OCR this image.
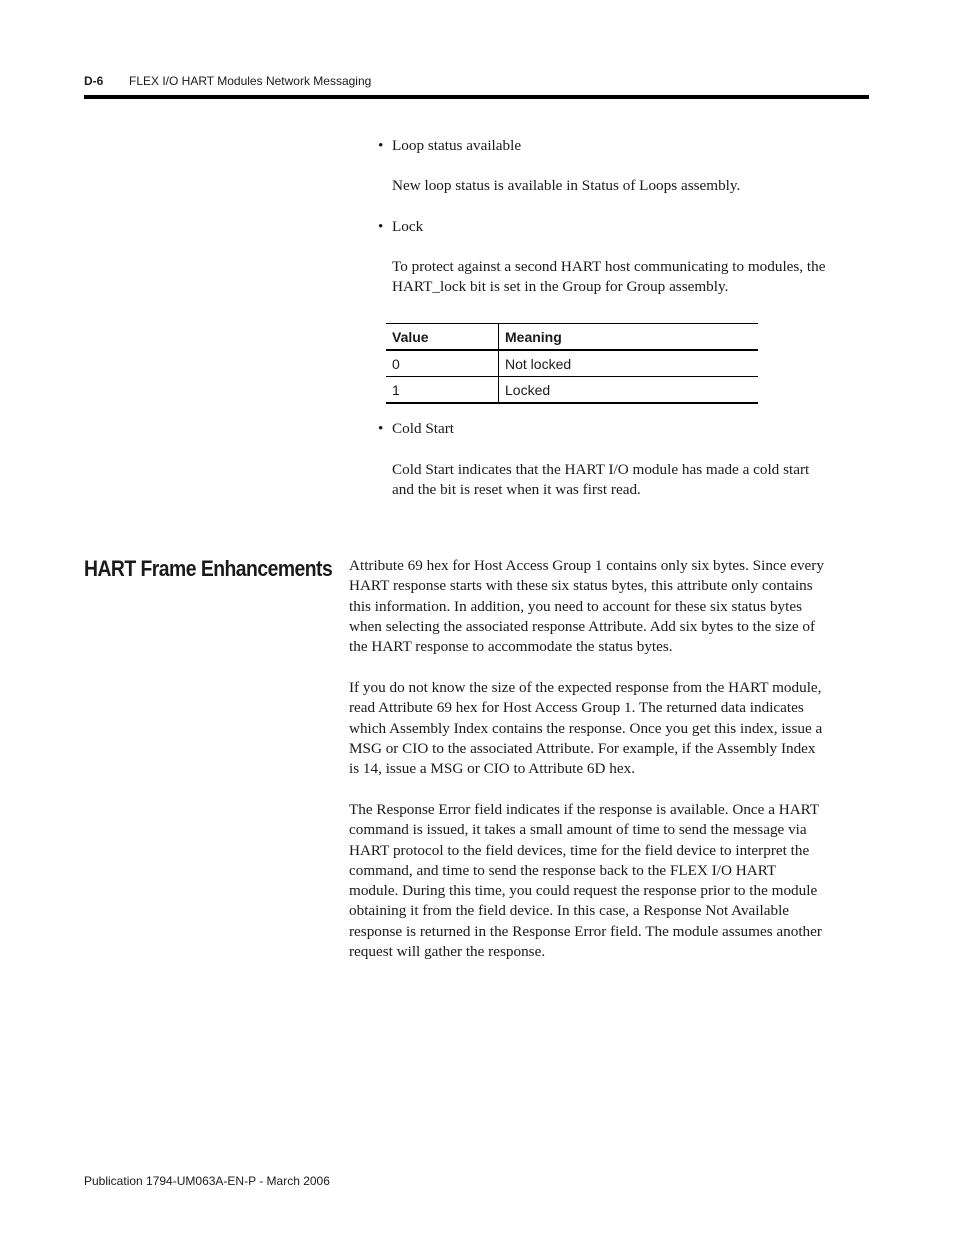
D-6 FLEX I/O HART Modules Network Messaging
• Loop status available
New loop status is available in Status of Loops assembly.
• Lock
To protect against a second HART host communicating to modules, the
HART_lock bit is set in the Group for Group assembly.
Value	Meaning
0	Not locked
1	Locked
• Cold Start
Cold Start indicates that the HART I/O module has made a cold start
and the bit is reset when it was first read.
HART Frame Enhancements Attribute 69 hex for Host Access Group 1 contains only six bytes. Since every
HART response starts with these six status bytes, this attribute only contains
this information. In addition, you need to account for these six status bytes
when selecting the associated response Attribute. Add six bytes to the size of
the HART response to accommodate the status bytes.
If you do not know the size of the expected response from the HART module,
read Attribute 69 hex for Host Access Group 1. The returned data indicates
which Assembly Index contains the response. Once you get this index, issue a
MSG or CIO to the associated Attribute. For example, if the Assembly Index
is 14, issue a MSG or CIO to Attribute 6D hex.
The Response Error field indicates if the response is available. Once a HART
command is issued, it takes a small amount of time to send the message via
HART protocol to the field devices, time for the field device to interpret the
command, and time to send the response back to the FLEX I/O HART
module. During this time, you could request the response prior to the module
obtaining it from the field device. In this case, a Response Not Available
response is returned in the Response Error field. The module assumes another
request will gather the response.
Publication 1794-UM063A-EN-P - March 2006
